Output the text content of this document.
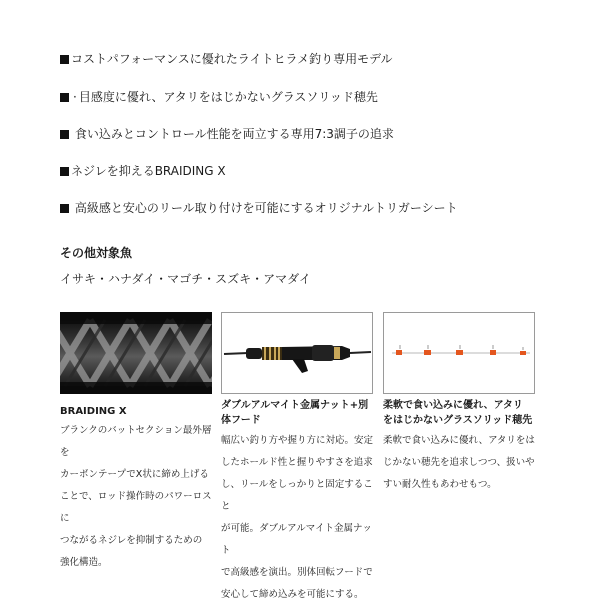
コストパフォーマンスに優れたライトヒラメ釣り専用モデル
· 目感度に優れ、アタリをはじかないグラスソリッド穂先
食い込みとコントロール性能を両立する専用7:3調子の追求
ネジレを抑えるBRAIDING X
高級感と安心のリール取り付けを可能にするオリジナルトリガーシート
その他対象魚
イサキ・ハナダイ・マゴチ・スズキ・アマダイ
BRAIDING X
ブランクのバットセクション最外層を
カーボンテープでX状に締め上げる
ことで、ロッド操作時のパワーロスに
つながるネジレを抑制するための
強化構造。
ダブルアルマイト金属ナット+別
体フード
幅広い釣り方や握り方に対応。安定
したホールド性と握りやすさを追求
し、リールをしっかりと固定すること
が可能。ダブルアルマイト金属ナット
で高級感を演出。別体回転フードで
安心して締め込みを可能にする。
柔軟で食い込みに優れ、アタリ
をはじかないグラスソリッド穂先
柔軟で食い込みに優れ、アタリをは
じかない穂先を追求しつつ、扱いや
すい耐久性もあわせもつ。
